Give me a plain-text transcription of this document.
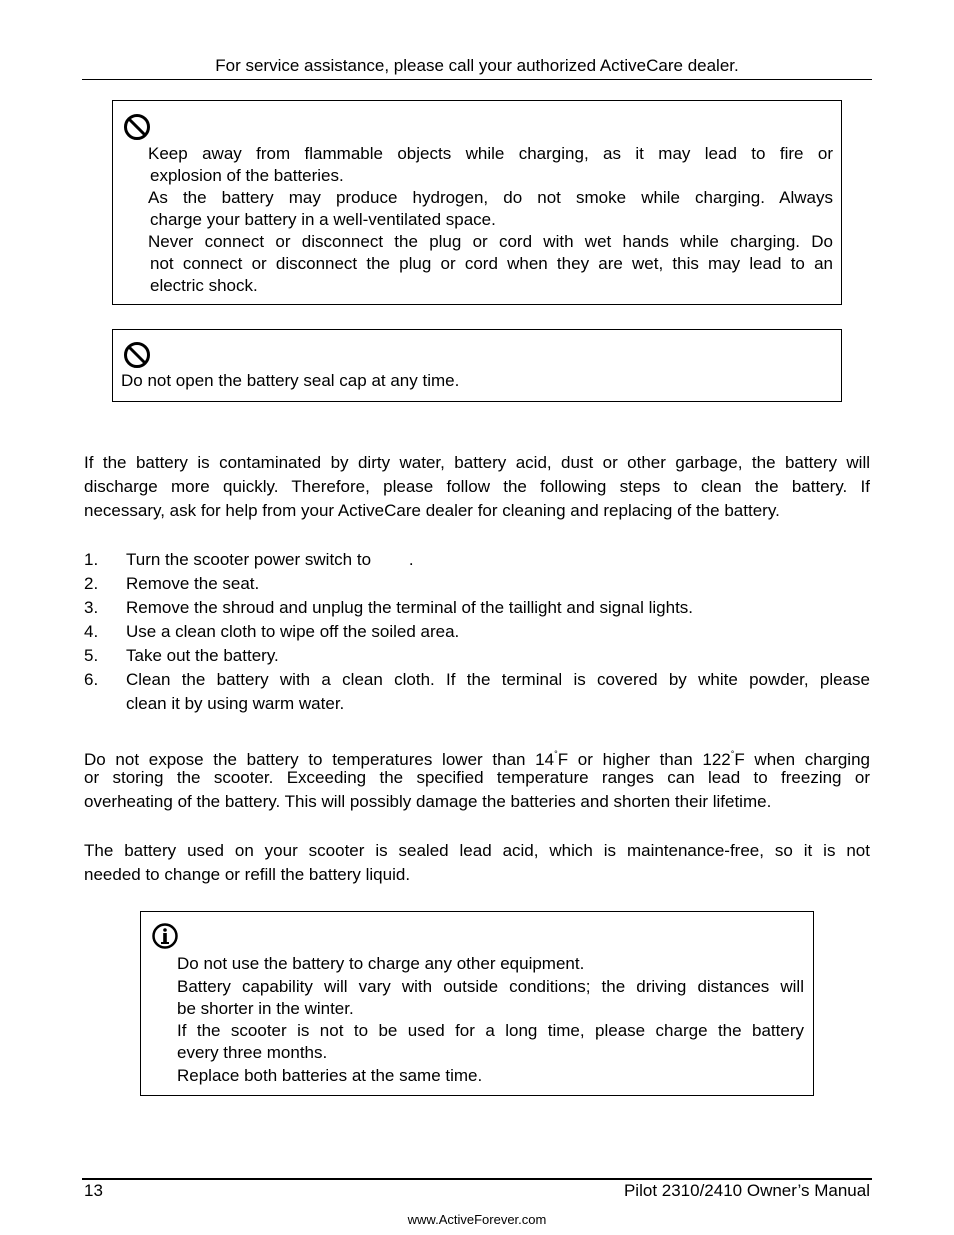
For service assistance, please call your authorized ActiveCare dealer.
Keep away from flammable objects while charging, as it may lead to fire or
explosion of the batteries.
As the battery may produce hydrogen, do not smoke while charging. Always
charge your battery in a well-ventilated space.
Never connect or disconnect the plug or cord with wet hands while charging. Do
not connect or disconnect the plug or cord when they are wet, this may lead to an
electric shock.
Do not open the battery seal cap at any time.
If the battery is contaminated by dirty water, battery acid, dust or other garbage, the battery will
discharge more quickly. Therefore, please follow the following steps to clean the battery. If
necessary, ask for help from your ActiveCare dealer for cleaning and replacing of the battery.
1. Turn the scooter power switch to        .
2. Remove the seat.
3. Remove the shroud and unplug the terminal of the taillight and signal lights.
4. Use a clean cloth to wipe off the soiled area.
5. Take out the battery.
6. Clean the battery with a clean cloth. If the terminal is covered by white powder, please
clean it by using warm water.
Do not expose the battery to temperatures lower than 14°F or higher than 122°F when charging
or storing the scooter. Exceeding the specified temperature ranges can lead to freezing or
overheating of the battery. This will possibly damage the batteries and shorten their lifetime.
The battery used on your scooter is sealed lead acid, which is maintenance-free, so it is not
needed to change or refill the battery liquid.
Do not use the battery to charge any other equipment.
Battery capability will vary with outside conditions; the driving distances will
be shorter in the winter.
If the scooter is not to be used for a long time, please charge the battery
every three months.
Replace both batteries at the same time.
13	Pilot 2310/2410 Owner’s Manual
www.ActiveForever.com
